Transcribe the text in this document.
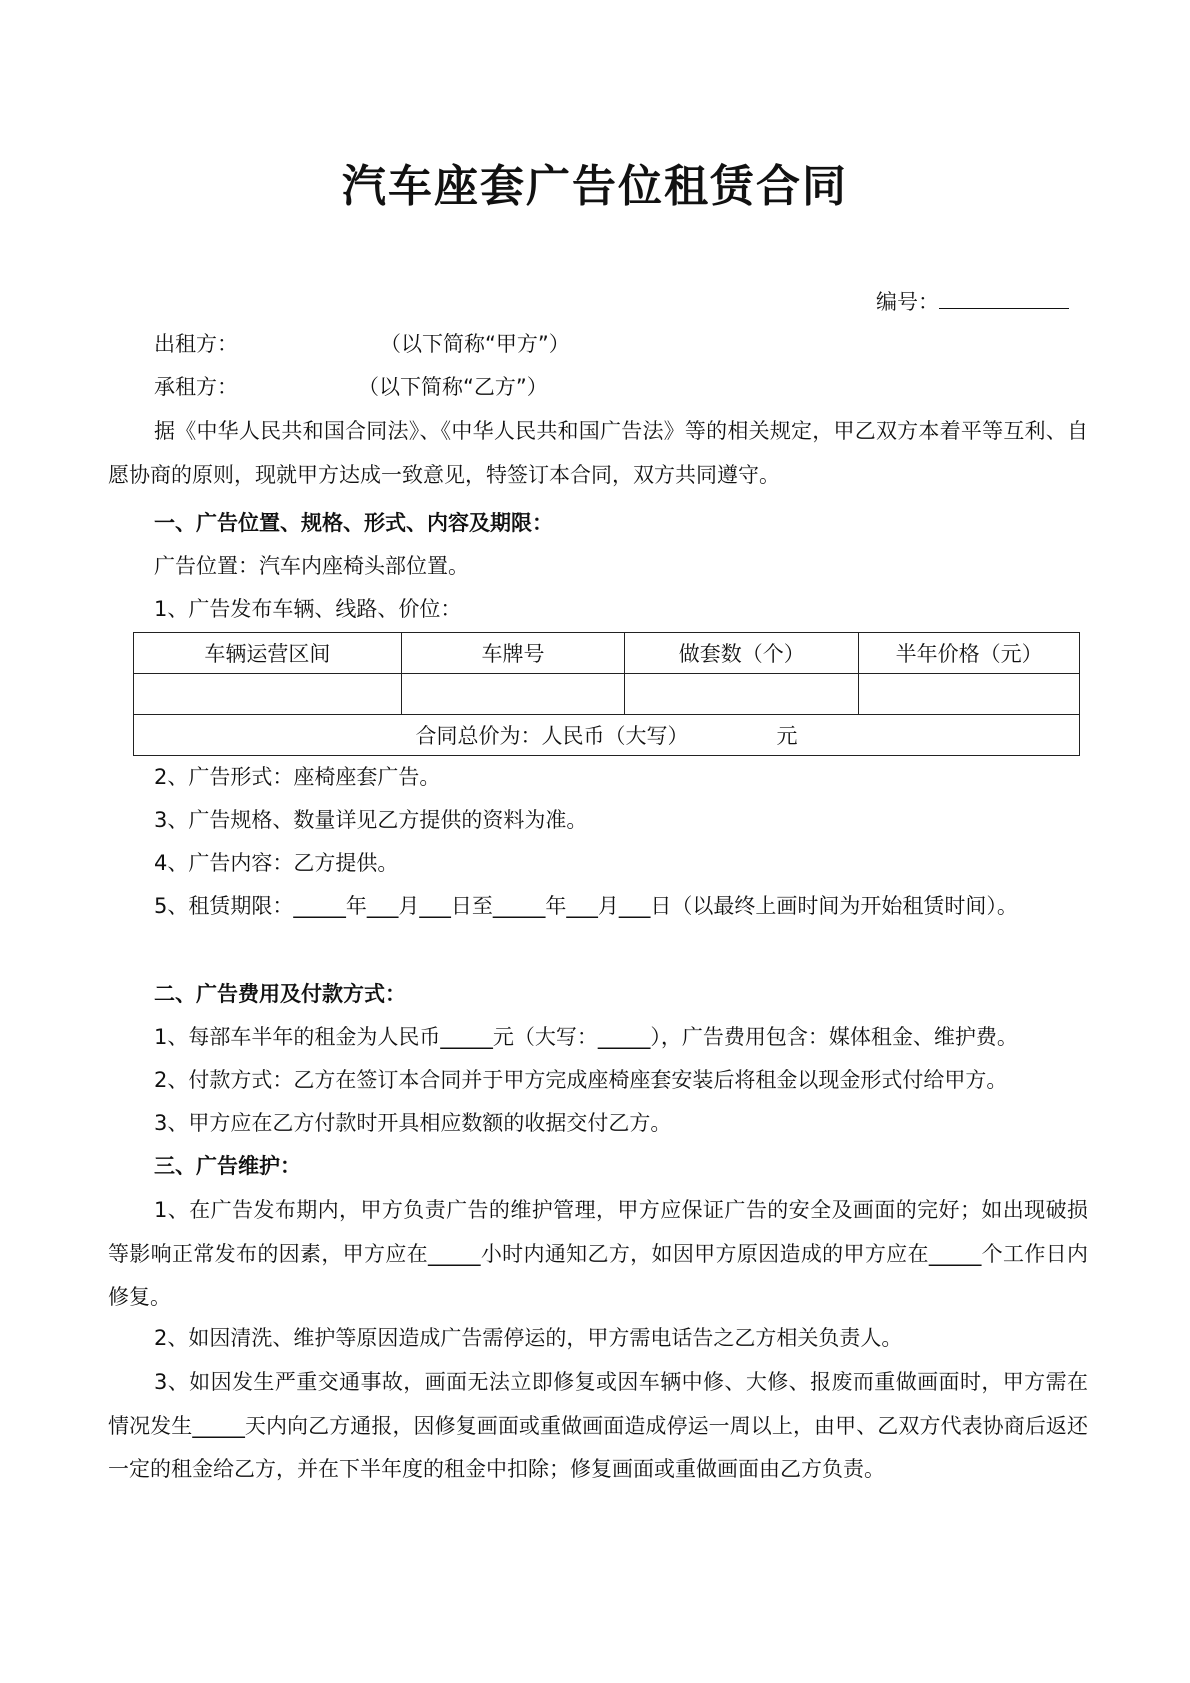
汽车座套广告位租赁合同
编号：
出租方：	（以下简称“甲方”）
承租方：	（以下简称“乙方”）
据《中华人民共和国合同法》、《中华人民共和国广告法》等的相关规定，甲乙双方本着平等互利、自愿协商的原则，现就甲方达成一致意见，特签订本合同，双方共同遵守。
一、广告位置、规格、形式、内容及期限：
广告位置：汽车内座椅头部位置。
1、广告发布车辆、线路、价位：
车辆运营区间	车牌号	做套数（个）	半年价格（元）

合同总价为：人民币（大写） 元			
2、广告形式：座椅座套广告。
3、广告规格、数量详见乙方提供的资料为准。
4、广告内容：乙方提供。
5、租赁期限：_____年___月___日至_____年___月___日（以最终上画时间为开始租赁时间）。
二、广告费用及付款方式：
1、每部车半年的租金为人民币_____元（大写：_____），广告费用包含：媒体租金、维护费。
2、付款方式：乙方在签订本合同并于甲方完成座椅座套安装后将租金以现金形式付给甲方。
3、甲方应在乙方付款时开具相应数额的收据交付乙方。
三、广告维护：
1、在广告发布期内，甲方负责广告的维护管理，甲方应保证广告的安全及画面的完好；如出现破损等影响正常发布的因素，甲方应在_____小时内通知乙方，如因甲方原因造成的甲方应在_____个工作日内修复。
2、如因清洗、维护等原因造成广告需停运的，甲方需电话告之乙方相关负责人。
3、如因发生严重交通事故，画面无法立即修复或因车辆中修、大修、报废而重做画面时，甲方需在情况发生_____天内向乙方通报，因修复画面或重做画面造成停运一周以上，由甲、乙双方代表协商后返还一定的租金给乙方，并在下半年度的租金中扣除；修复画面或重做画面由乙方负责。
